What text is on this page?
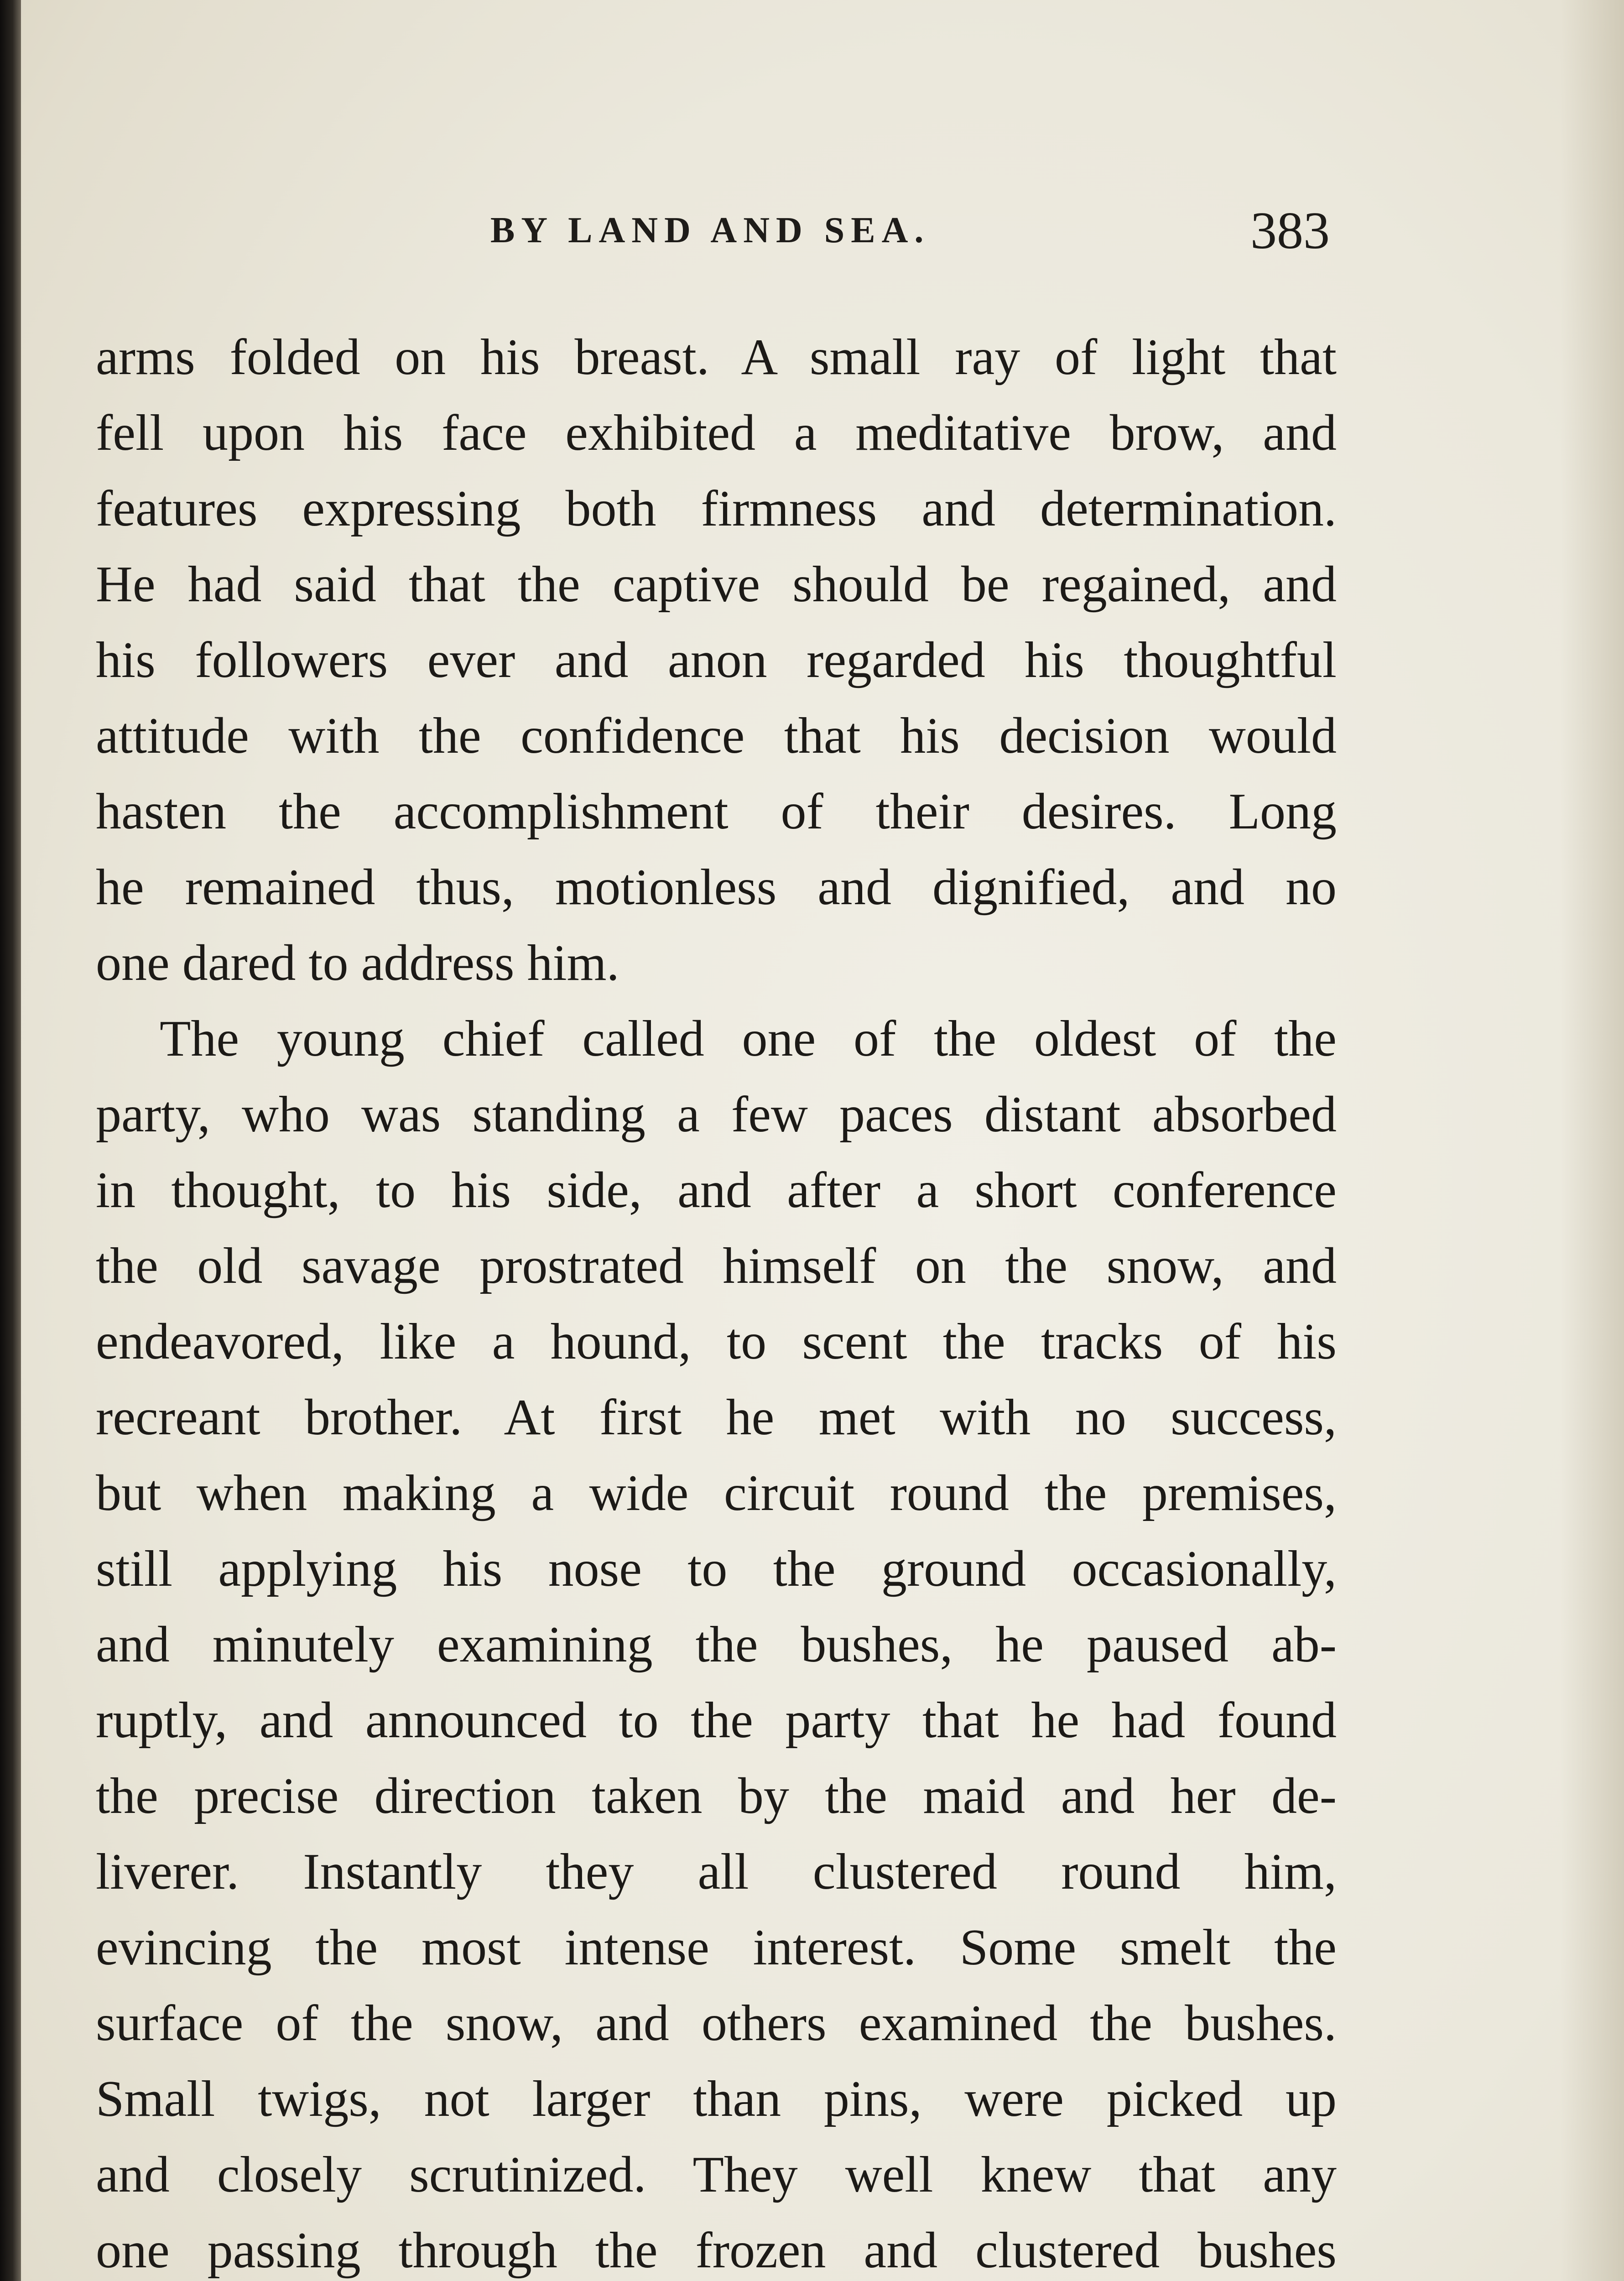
BY LAND AND SEA.	383
arms folded on his breast. A small ray of light that
fell upon his face exhibited a meditative brow, and
features expressing both firmness and determination.
He had said that the captive should be regained, and
his followers ever and anon regarded his thoughtful
attitude with the confidence that his decision would
hasten the accomplishment of their desires. Long
he remained thus, motionless and dignified, and no
one dared to address him.
The young chief called one of the oldest of the
party, who was standing a few paces distant absorbed
in thought, to his side, and after a short conference
the old savage prostrated himself on the snow, and
endeavored, like a hound, to scent the tracks of his
recreant brother. At first he met with no success,
but when making a wide circuit round the premises,
still applying his nose to the ground occasionally,
and minutely examining the bushes, he paused ab-
ruptly, and announced to the party that he had found
the precise direction taken by the maid and her de-
liverer. Instantly they all clustered round him,
evincing the most intense interest. Some smelt the
surface of the snow, and others examined the bushes.
Small twigs, not larger than pins, were picked up
and closely scrutinized. They well knew that any
one passing through the frozen and clustered bushes
